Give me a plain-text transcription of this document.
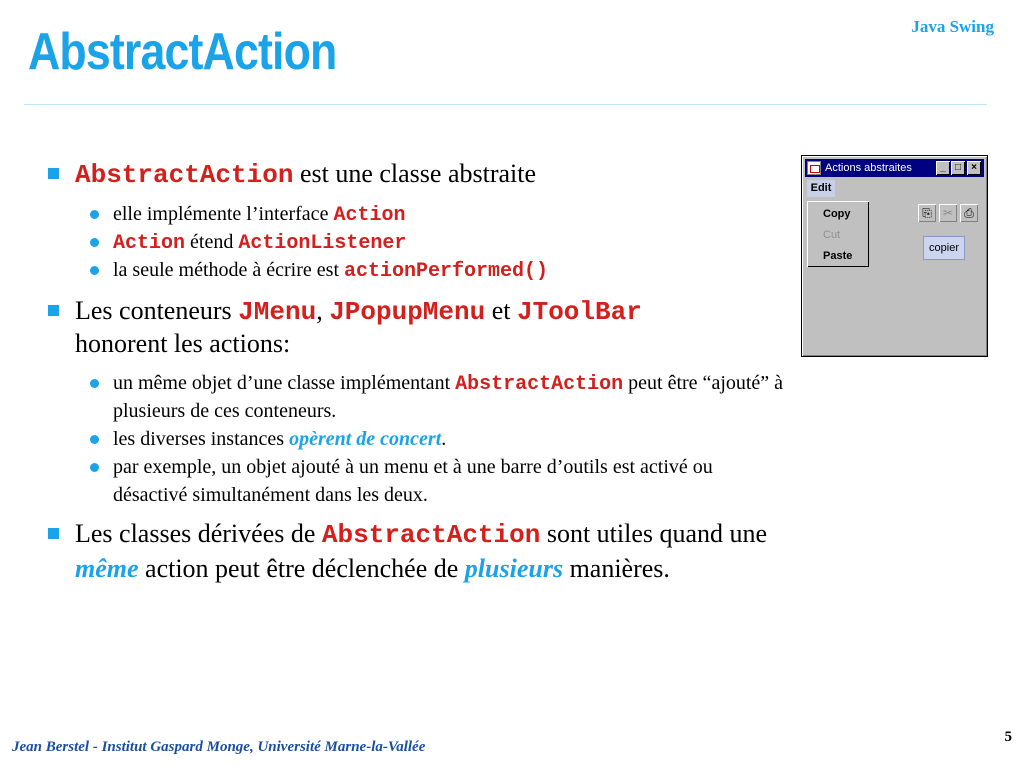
AbstractAction	Java Swing
AbstractAction est une classe abstraite
elle implémente l’interface Action
Action étend ActionListener
la seule méthode à écrire est actionPerformed()
Les conteneurs JMenu, JPopupMenu et JToolBar
honorent les actions:
un même objet d’une classe implémentant AbstractAction peut être “ajouté” à
plusieurs de ces conteneurs.
les diverses instances opèrent de concert.
par exemple, un objet ajouté à un menu et à une barre d’outils est activé ou
désactivé simultanément dans les deux.
Les classes dérivées de AbstractAction sont utiles quand une
même action peut être déclenchée de plusieurs manières.
Actions abstraites	_ □	×
Edit
Copy
Cut
Paste
⎘ ✂ ⎙
copier
Jean Berstel - Institut Gaspard Monge, Université Marne-la-Vallée
5
